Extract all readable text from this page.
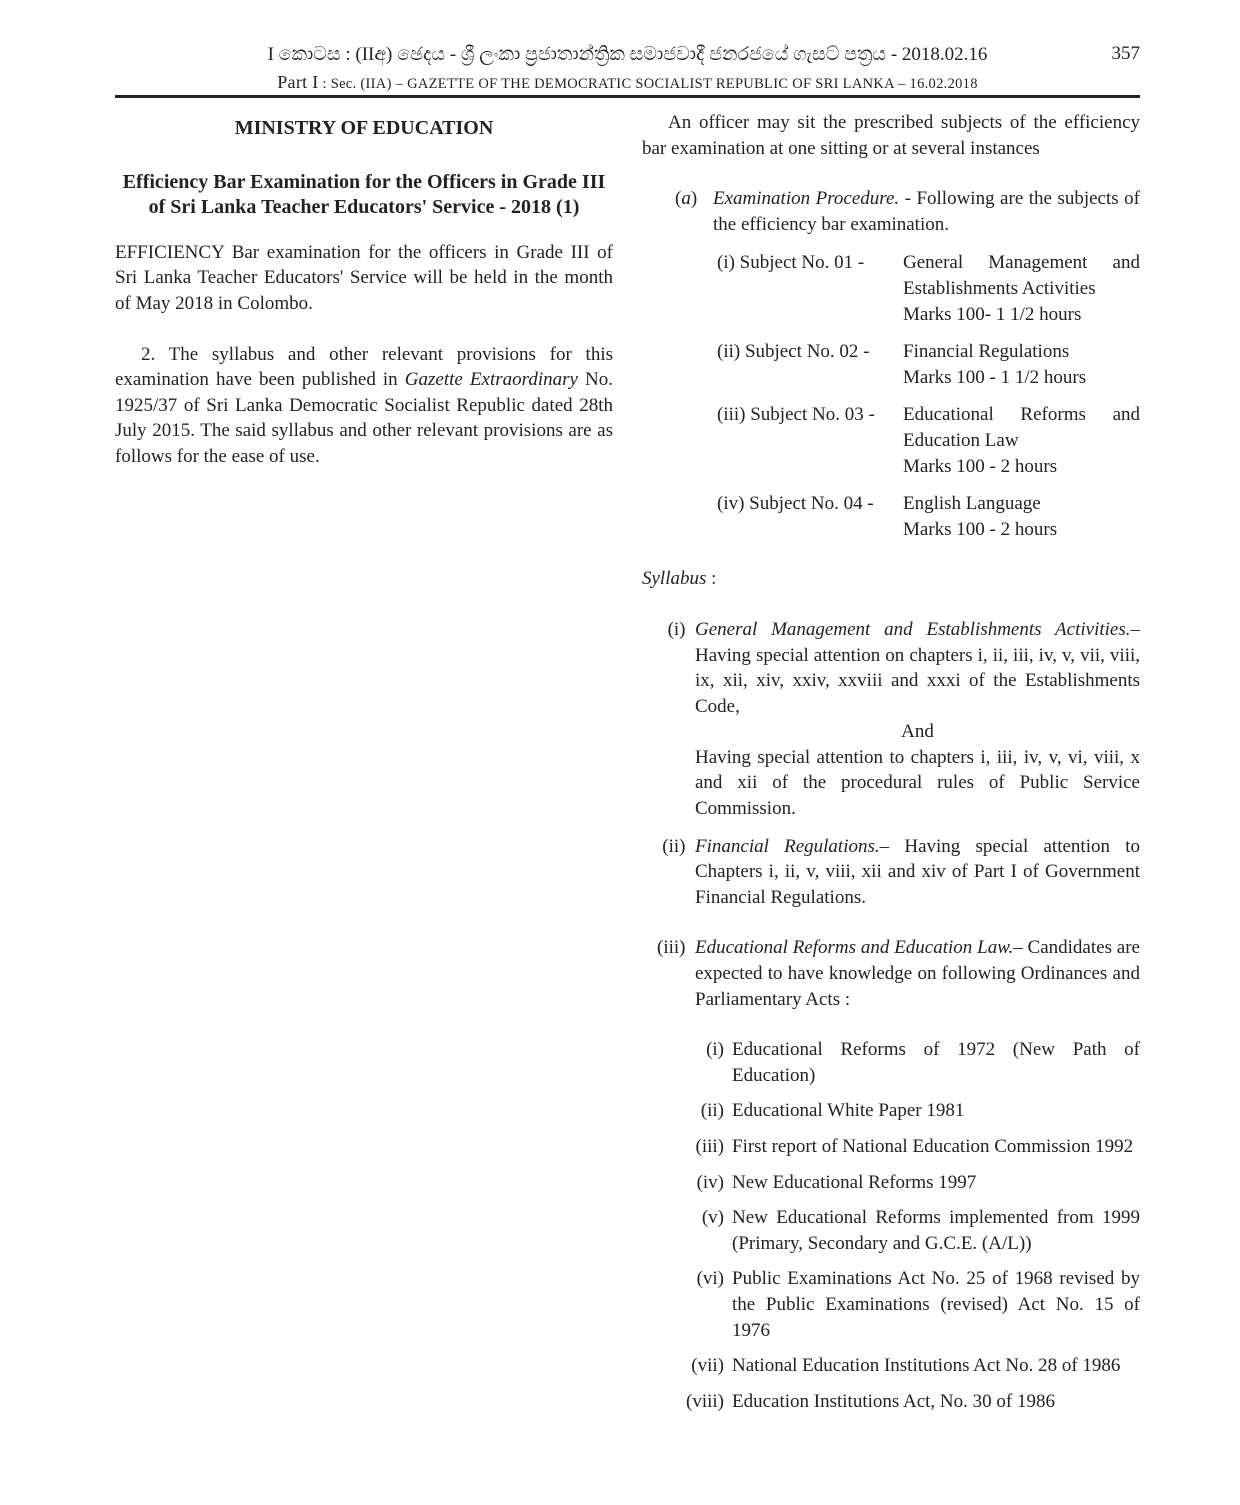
I කොටස : (IIඅ) ඡෙදය - ශ්‍රී ලංකා ප්‍රජාතාන්ත්‍රික සමාජවාදී ජනරජයේ ගැසට් පත්‍රය - 2018.02.16	357
Part I : Sec. (IIA) – GAZETTE OF THE DEMOCRATIC SOCIALIST REPUBLIC OF SRI LANKA – 16.02.2018
MINISTRY OF EDUCATION
Efficiency Bar Examination for the Officers in Grade III of Sri Lanka Teacher Educators' Service - 2018 (1)
EFFICIENCY Bar examination for the officers in Grade III of Sri Lanka Teacher Educators' Service will be held in the month of May 2018 in Colombo.
2. The syllabus and other relevant provisions for this examination have been published in Gazette Extraordinary No. 1925/37 of Sri Lanka Democratic Socialist Republic dated 28th July 2015. The said syllabus and other relevant provisions are as follows for the ease of use.
An officer may sit the prescribed subjects of the efficiency bar examination at one sitting or at several instances
(a) Examination Procedure. - Following are the subjects of the efficiency bar examination.
(i) Subject No. 01 -	General Management and Establishments Activities
Marks 100- 1 1/2 hours
(ii) Subject No. 02 -	Financial Regulations
Marks 100 - 1 1/2 hours
(iii) Subject No. 03 -	Educational Reforms and Education Law
Marks 100 - 2 hours
(iv) Subject No. 04 -	English Language
Marks 100 - 2 hours
Syllabus :
(i) General Management and Establishments Activities.– Having special attention on chapters i, ii, iii, iv, v, vii, viii, ix, xii, xiv, xxiv, xxviii and xxxi of the Establishments Code,
And
Having special attention to chapters i, iii, iv, v, vi, viii, x and xii of the procedural rules of Public Service Commission.
(ii) Financial Regulations.– Having special attention to Chapters i, ii, v, viii, xii and xiv of Part I of Government Financial Regulations.
(iii) Educational Reforms and Education Law.– Candidates are expected to have knowledge on following Ordinances and Parliamentary Acts :
(i) Educational Reforms of 1972 (New Path of Education)
(ii) Educational White Paper 1981
(iii) First report of National Education Commission 1992
(iv) New Educational Reforms 1997
(v) New Educational Reforms implemented from 1999 (Primary, Secondary and G.C.E. (A/L))
(vi) Public Examinations Act No. 25 of 1968 revised by the Public Examinations (revised) Act No. 15 of 1976
(vii) National Education Institutions Act No. 28 of 1986
(viii) Education Institutions Act, No. 30 of 1986
